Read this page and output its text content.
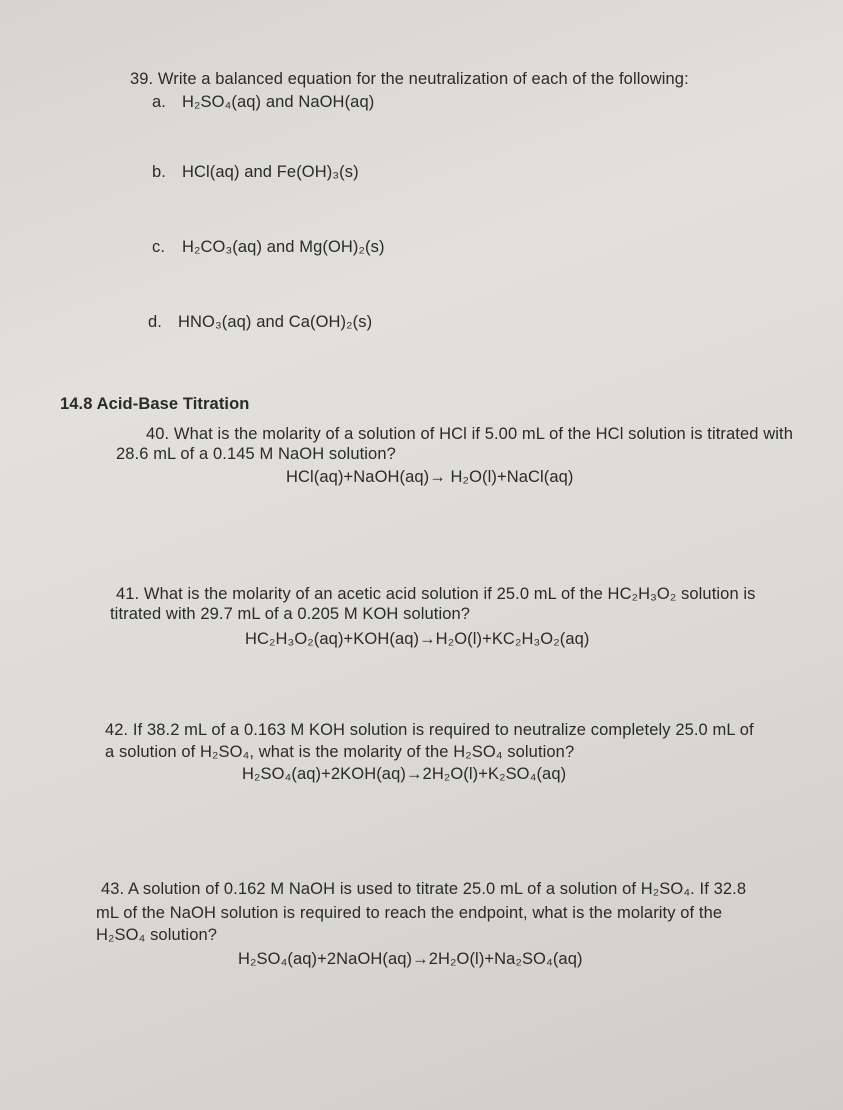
39. Write a balanced equation for the neutralization of each of the following:
a. H₂SO₄(aq) and NaOH(aq)
b. HCl(aq) and Fe(OH)₃(s)
c. H₂CO₃(aq) and Mg(OH)₂(s)
d. HNO₃(aq) and Ca(OH)₂(s)
14.8 Acid-Base Titration
40. What is the molarity of a solution of HCl if 5.00 mL of the HCl solution is titrated with
28.6 mL of a 0.145 M NaOH solution?
HCl(aq)+NaOH(aq)→ H₂O(l)+NaCl(aq)
41. What is the molarity of an acetic acid solution if 25.0 mL of the HC₂H₃O₂ solution is
titrated with 29.7 mL of a 0.205 M KOH solution?
HC₂H₃O₂(aq)+KOH(aq)→H₂O(l)+KC₂H₃O₂(aq)
42. If 38.2 mL of a 0.163 M KOH solution is required to neutralize completely 25.0 mL of
a solution of H₂SO₄, what is the molarity of the H₂SO₄ solution?
H₂SO₄(aq)+2KOH(aq)→2H₂O(l)+K₂SO₄(aq)
43. A solution of 0.162 M NaOH is used to titrate 25.0 mL of a solution of H₂SO₄. If 32.8
mL of the NaOH solution is required to reach the endpoint, what is the molarity of the
H₂SO₄ solution?
H₂SO₄(aq)+2NaOH(aq)→2H₂O(l)+Na₂SO₄(aq)
